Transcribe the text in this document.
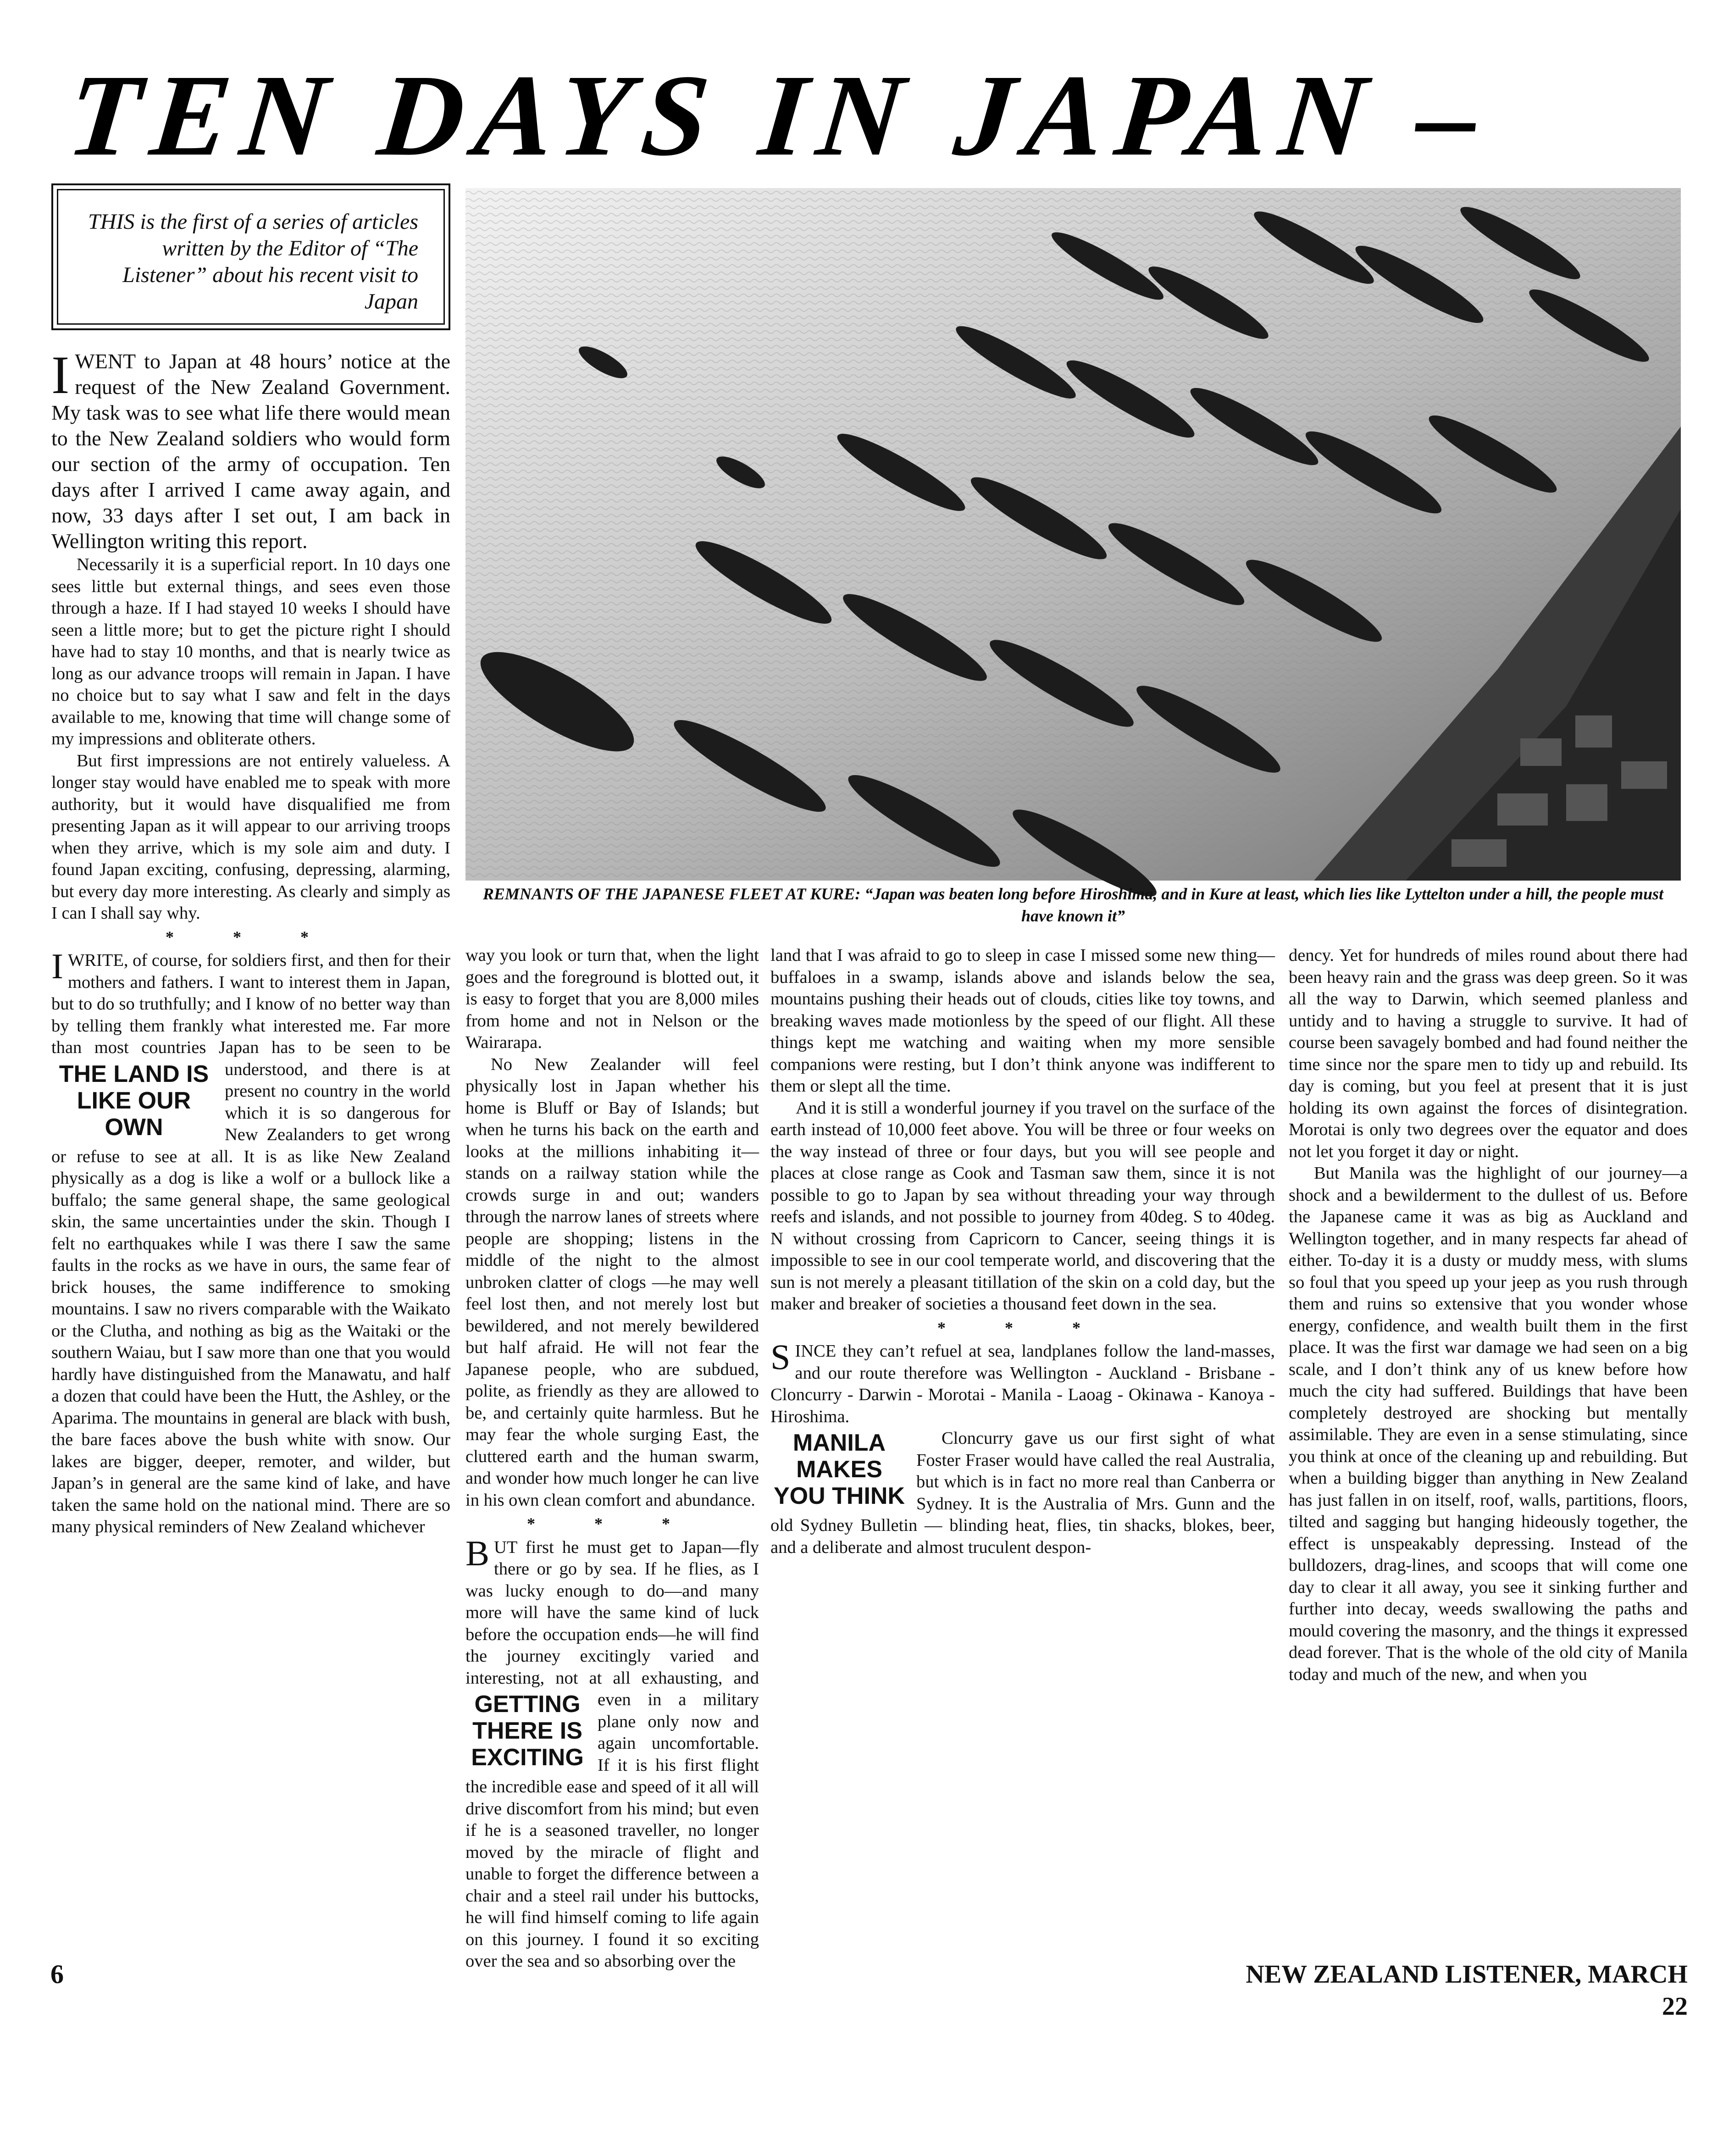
TEN DAYS IN JAPAN –
THIS is the first of a series of articles written by the Editor of “The Listener” about his recent visit to Japan
REMNANTS OF THE JAPANESE FLEET AT KURE: “Japan was beaten long before Hiroshima, and in Kure at least, which lies like Lyttelton under a hill, the people must have known it”

IWENT to Japan at 48 hours’ notice at the request of the New Zealand Government. My task was to see what life there would mean to the New Zealand soldiers who would form our section of the army of occupation. Ten days after I arrived I came away again, and now, 33 days after I set out, I am back in Wellington writing this report.

Necessarily it is a superficial report. In 10 days one sees little but external things, and sees even those through a haze. If I had stayed 10 weeks I should have seen a little more; but to get the picture right I should have had to stay 10 months, and that is nearly twice as long as our advance troops will remain in Japan. I have no choice but to say what I saw and felt in the days available to me, knowing that time will change some of my impressions and obliterate others.

But first impressions are not entirely valueless. A longer stay would have enabled me to speak with more authority, but it would have disqualified me from presenting Japan as it will appear to our arriving troops when they arrive, which is my sole aim and duty. I found Japan exciting, confusing, depressing, alarming, but every day more interesting. As clearly and simply as I can I shall say why.

* * *

IWRITE, of course, for soldiers first, and then for their mothers and fathers. I want to interest them in Japan, but to do so truthfully; and I know of no better way than by telling them frankly what interested me. Far more than most countries Japan has to be
THE LAND IS LIKE OUR OWN
seen to be understood, and there is at present no country in the world which it is so dangerous for New Zealanders to get wrong or refuse to see at all. It is as like New Zealand physically as a dog is like a wolf or a bullock like a buffalo; the same general shape, the same geological skin, the same uncertainties under the skin. Though I felt no earthquakes while I was there I saw the same faults in the rocks as we have in ours, the same fear of brick houses, the same indifference to smoking mountains. I saw no rivers comparable with the Waikato or the Clutha, and nothing as big as the Waitaki or the southern Waiau, but I saw more than one that you would hardly have distinguished from the Manawatu, and half a dozen that could have been the Hutt, the Ashley, or the Aparima. The mountains in general are black with bush, the bare faces above the bush white with snow. Our lakes are bigger, deeper, remoter, and wilder, but Japan’s in general are the same kind of lake, and have taken the same hold on the national mind. There are so many physical reminders of New Zealand whichever

way you look or turn that, when the light goes and the foreground is blotted out, it is easy to forget that you are 8,000 miles from home and not in Nelson or the Wairarapa.

No New Zealander will feel physically lost in Japan whether his home is Bluff or Bay of Islands; but when he turns his back on the earth and looks at the millions inhabiting it—stands on a railway station while the crowds surge in and out; wanders through the narrow lanes of streets where people are shopping; listens in the middle of the night to the almost unbroken clatter of clogs —he may well feel lost then, and not merely lost but bewildered, and not merely bewildered but half afraid. He will not fear the Japanese people, who are subdued, polite, as friendly as they are allowed to be, and certainly quite harmless. But he may fear the whole surging East, the cluttered earth and the human swarm, and wonder how much longer he can live in his own clean comfort and abundance.

* * *

BUT first he must get to Japan—fly there or go by sea. If he flies, as I was lucky enough to do—and many more will have the same kind of luck before the occupation ends—he will find the journey excitingly varied and interesting, not at all exhausting, and even in
GETTING THERE IS EXCITING
a military plane only now and again uncomfortable. If it is his first flight the incredible ease and speed of it all will drive discomfort from his mind; but even if he is a seasoned traveller, no longer moved by the miracle of flight and unable to forget the difference between a chair and a steel rail under his buttocks, he will find himself coming to life again on this journey. I found it so exciting over the sea and so absorbing over the

land that I was afraid to go to sleep in case I missed some new thing—buffaloes in a swamp, islands above and islands below the sea, mountains pushing their heads out of clouds, cities like toy towns, and breaking waves made motionless by the speed of our flight. All these things kept me watching and waiting when my more sensible companions were resting, but I don’t think anyone was indifferent to them or slept all the time.

And it is still a wonderful journey if you travel on the surface of the earth instead of 10,000 feet above. You will be three or four weeks on the way instead of three or four days, but you will see people and places at close range as Cook and Tasman saw them, since it is not possible to go to Japan by sea without threading your way through reefs and islands, and not possible to journey from 40deg. S to 40deg. N without crossing from Capricorn to Cancer, seeing things it is impossible to see in our cool temperate world, and discovering that the sun is not merely a pleasant titillation of the skin on a cold day, but the maker and breaker of societies a thousand feet down in the sea.

* * *

SINCE they can’t refuel at sea, landplanes follow the land-masses, and our route therefore was Wellington - Auckland - Brisbane - Cloncurry - Darwin - Morotai - Manila - Laoag - Okinawa - Kanoya - Hiroshima.

Cloncurry gave us our first sight of
MANILA MAKES YOU THINK
what Foster Fraser would have called the real Australia, but which is in fact no more real than Canberra or Sydney. It is the Australia of Mrs. Gunn and the old Sydney Bulletin — blinding heat, flies, tin shacks, blokes, beer, and a deliberate and almost truculent despon-

dency. Yet for hundreds of miles round about there had been heavy rain and the grass was deep green. So it was all the way to Darwin, which seemed planless and untidy and to having a struggle to survive. It had of course been savagely bombed and had found neither the time since nor the spare men to tidy up and rebuild. Its day is coming, but you feel at present that it is just holding its own against the forces of disintegration. Morotai is only two degrees over the equator and does not let you forget it day or night.

But Manila was the highlight of our journey—a shock and a bewilderment to the dullest of us. Before the Japanese came it was as big as Auckland and Wellington together, and in many respects far ahead of either. To-day it is a dusty or muddy mess, with slums so foul that you speed up your jeep as you rush through them and ruins so extensive that you wonder whose energy, confidence, and wealth built them in the first place. It was the first war damage we had seen on a big scale, and I don’t think any of us knew before how much the city had suffered. Buildings that have been completely destroyed are shocking but mentally assimilable. They are even in a sense stimulating, since you think at once of the cleaning up and rebuilding. But when a building bigger than anything in New Zealand has just fallen in on itself, roof, walls, partitions, floors, tilted and sagging but hanging hideously together, the effect is unspeakably depressing. Instead of the bulldozers, drag-lines, and scoops that will come one day to clear it all away, you see it sinking further and further into decay, weeds swallowing the paths and mould covering the masonry, and the things it expressed dead forever. That is the whole of the old city of Manila today and much of the new, and when you

6	NEW ZEALAND LISTENER, MARCH 22
